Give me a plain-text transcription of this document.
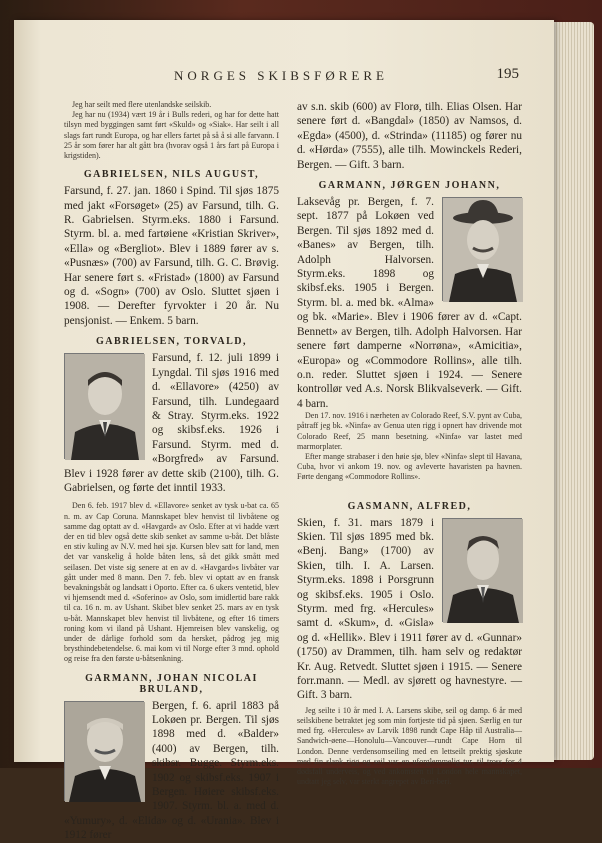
NORGES SKIBSFØRERE	195

Jeg har seilt med flere utenlandske seilskib.

Jeg har nu (1934) vært 19 år i Bulls rederi, og har for dette hatt tilsyn med byggingen samt ført «Skuld» og «Siak». Har seilt i all slags fart rundt Europa, og har ellers fartet på så å si alle farvann. I 25 år som fører har alt gått bra (hvorav også 1 års fart på Europa i krigstiden).

GABRIELSEN, NILS AUGUST,

Farsund, f. 27. jan. 1860 i Spind. Til sjøs 1875 med jakt «Forsøget» (25) av Farsund, tilh. G. R. Gabrielsen. Styrm.eks. 1880 i Farsund. Styrm. bl. a. med fartøiene «Kristian Skriver», «Ella» og «Bergliot». Blev i 1889 fører av s. «Pusnæs» (700) av Farsund, tilh. G. C. Brøvig. Har senere ført s. «Fristad» (1800) av Farsund og d. «Sogn» (700) av Oslo. Sluttet sjøen i 1908. — Derefter fyrvokter i 20 år. Nu pensjonist. — Enkem. 5 barn.

GABRIELSEN, TORVALD,

Farsund, f. 12. juli 1899 i Lyngdal. Til sjøs 1916 med d. «Ellavore» (4250) av Farsund, tilh. Lundegaard & Stray. Styrm.eks. 1922 og skibsf.eks. 1926 i Farsund. Styrm. med d. «Borgfred» av Farsund. Blev i 1928 fører av dette skib (2100), tilh. G. Gabrielsen, og førte det inntil 1933.

Den 6. feb. 1917 blev d. «Ellavore» senket av tysk u-bat ca. 65 n. m. av Cap Coruna. Mannskapet blev henvist til livbåtene og samme dag optatt av d. «Havgard» av Oslo. Efter at vi hadde vært der en tid blev også dette skib senket av samme u-båt. Det blåste en stiv kuling av N.V. med høi sjø. Kursen blev satt for land, men det var vanskelig å holde båten lens, så det gikk smått med seilasen. Det viste sig senere at en av d. «Havgard»s livbåter var gått under med 8 mann. Den 7. feb. blev vi optatt av en fransk bevakningsbåt og landsatt i Oporto. Efter ca. 6 ukers ventetid, blev vi hjemsendt med d. «Soferino» av Oslo, som imidlertid bare rakk til ca. 16 n. m. av Ushant. Skibet blev senket 25. mars av en tysk u-båt. Mannskapet blev henvist til livbåtene, og efter 16 timers roning kom vi iland på Ushant. Hjemreisen blev vanskelig, og under de dårlige forhold som da hersket, pådrog jeg mig brysthindebetendelse. 6. mai kom vi til Norge efter 3 mnd. ophold og reise fra den første u-båtsenkning.

GARMANN, JOHAN NICOLAI BRULAND,

Bergen, f. 6. april 1883 på Lokøen pr. Bergen. Til sjøs 1898 med d. «Balder» (400) av Bergen, tilh. skibsr. Bugge. Styrm.eks. 1902 og skibsf.eks. 1907 i Bergen. Høiere skibsf.eks. 1907. Styrm. bl. a. med d. «Yumury», d. «Elida» og d. «Urania». Blev i 1912 fører

av s.n. skib (600) av Florø, tilh. Elias Olsen. Har senere ført d. «Bangdal» (1850) av Namsos, d. «Egda» (4500), d. «Strinda» (11185) og fører nu d. «Hørda» (7555), alle tilh. Mowinckels Rederi, Bergen. — Gift. 3 barn.

GARMANN, JØRGEN JOHANN,

Laksevåg pr. Bergen, f. 7. sept. 1877 på Lokøen ved Bergen. Til sjøs 1892 med d. «Banes» av Bergen, tilh. Adolph Halvorsen. Styrm.eks. 1898 og skibsf.eks. 1905 i Bergen. Styrm. bl. a. med bk. «Alma» og bk. «Marie». Blev i 1906 fører av d. «Capt. Bennett» av Bergen, tilh. Adolph Halvorsen. Har senere ført damperne «Norrøna», «Amicitia», «Europa» og «Commodore Rollins», alle tilh. o.n. reder. Sluttet sjøen i 1924. — Senere kontrollør ved A.s. Norsk Blikvalseverk. — Gift. 4 barn.

Den 17. nov. 1916 i nærheten av Colorado Reef, S.V. pynt av Cuba, påtraff jeg bk. «Ninfa» av Genua uten rigg i opnert hav drivende mot Colorado Reef, 25 mann besetning. «Ninfa» var lastet med marmorplater.

Efter mange strabaser i den høie sjø, blev «Ninfa» slept til Havana, Cuba, hvor vi ankom 19. nov. og avleverte havaristen pa havnen. Førte dengang «Commodore Rollins».

GASMANN, ALFRED,

Skien, f. 31. mars 1879 i Skien. Til sjøs 1895 med bk. «Benj. Bang» (1700) av Skien, tilh. I. A. Larsen. Styrm.eks. 1898 i Porsgrunn og skibsf.eks. 1905 i Oslo. Styrm. med frg. «Hercules» samt d. «Skum», d. «Gisla» og d. «Hellik». Blev i 1911 fører av d. «Gunnar» (1750) av Drammen, tilh. ham selv og redaktør Kr. Aug. Retvedt. Sluttet sjøen i 1915. — Senere forr.mann. — Medl. av sjørett og havnestyre. — Gift. 3 barn.

Jeg seilte i 10 år med I. A. Larsens skibe, seil og damp. 6 år med seilskibene betraktet jeg som min fortjeste tid på sjøen. Særlig en tur med frg. «Hercules» av Larvik 1898 rundt Cape Håp til Australia—Sandwich-øene—Honolulu—Vancouver—rundt Cape Horn til London. Denne verdensomseiling med en lettseilt prektig sjøskute med fin slank rigg og seil var en uforglemmelig tur, til tross for 4 dødsfall underveis, og ved ankomsten til London hele mannskapet, undtatt jeg selv, var sterkt angrepet av Beri-beri.
